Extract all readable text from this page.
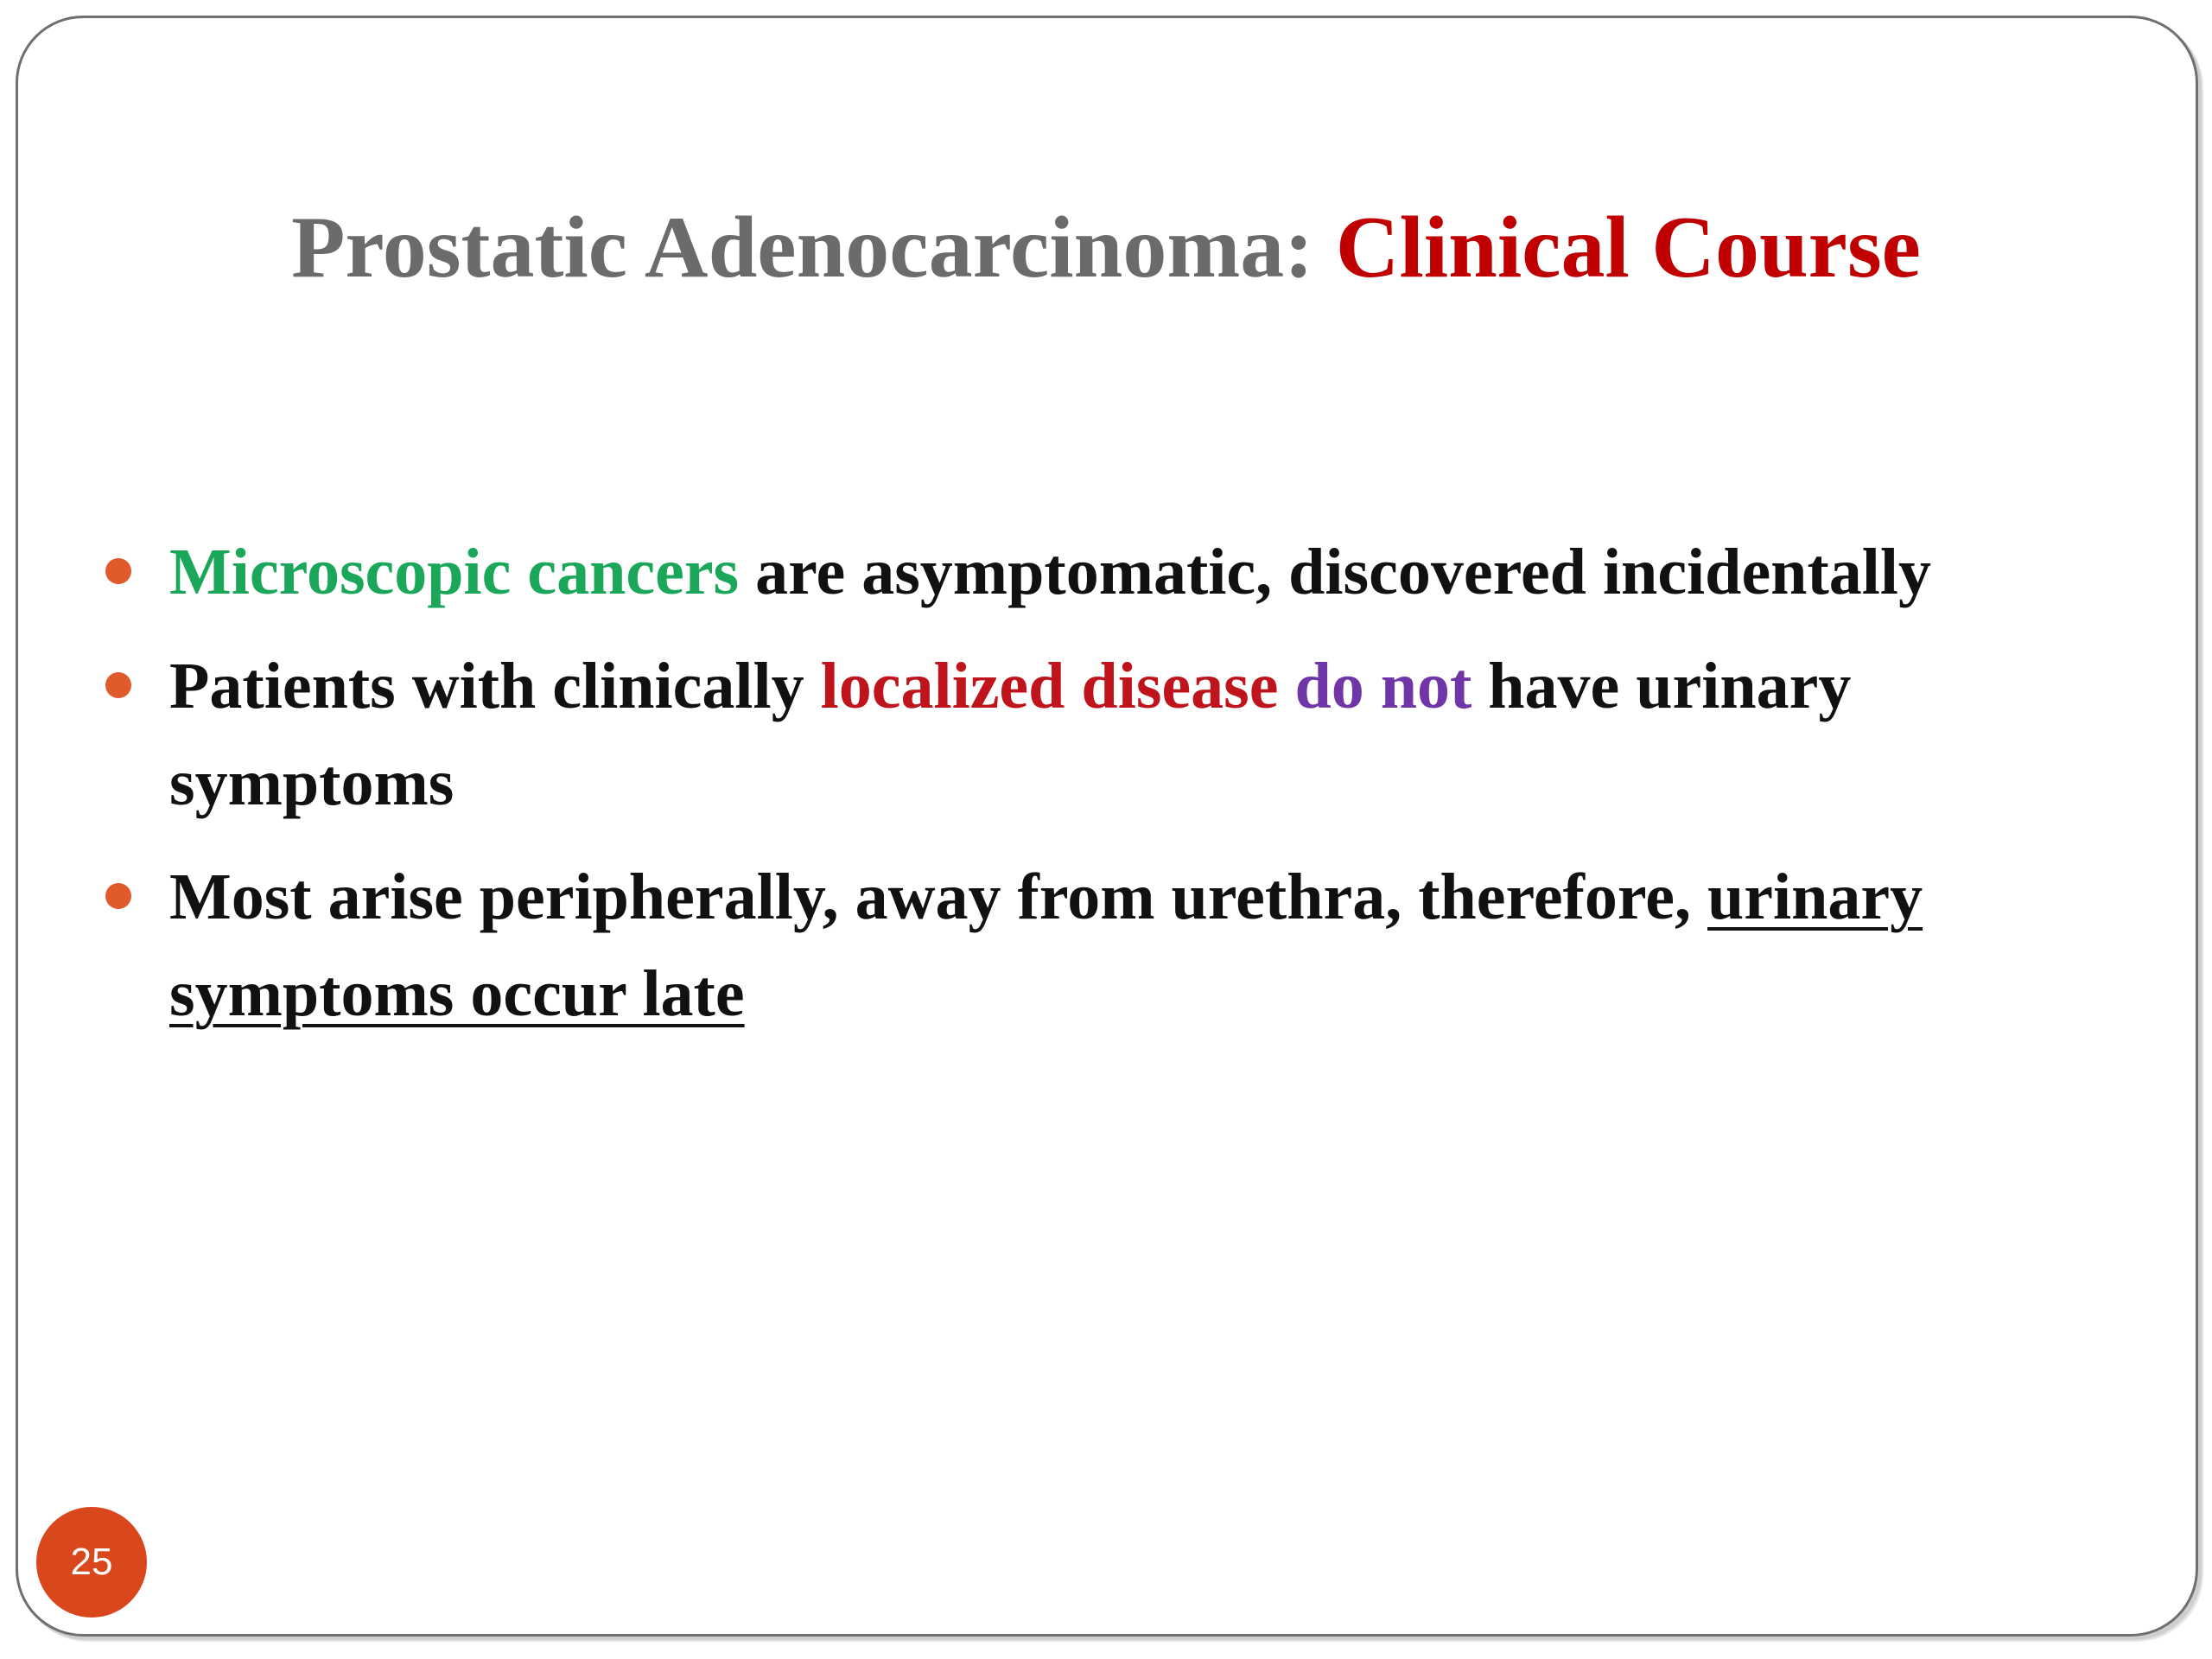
Prostatic Adenocarcinoma: Clinical Course
Microscopic cancers are asymptomatic, discovered incidentally
Patients with clinically localized disease do not have urinary symptoms
Most arise peripherally, away from urethra, therefore, urinary symptoms occur late
25
